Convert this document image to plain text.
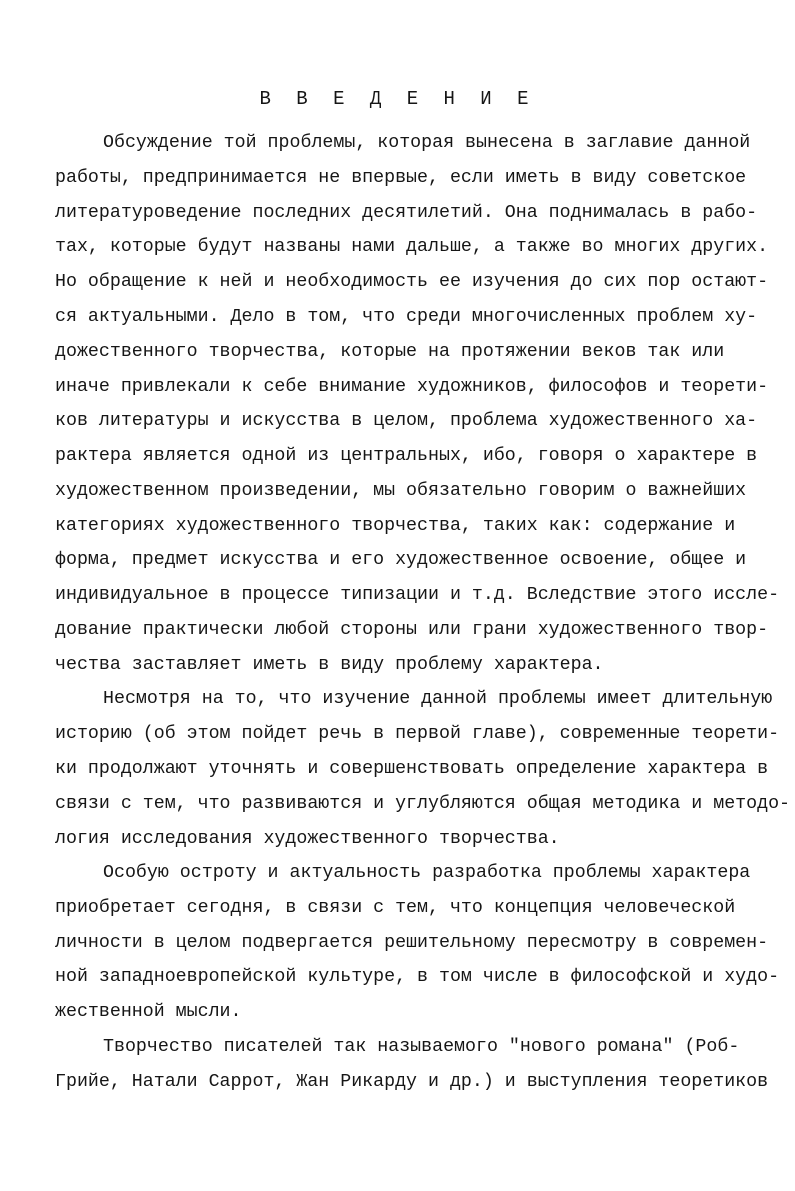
В В Е Д Е Н И Е
Обсуждение той проблемы, которая вынесена в заглавие данной
работы, предпринимается не впервые, если иметь в виду советское
литературоведение последних десятилетий. Она поднималась в рабо-
тах, которые будут названы нами дальше, а также во многих других.
Но обращение к ней и необходимость ее изучения до сих пор остают-
ся актуальными. Дело в том, что среди многочисленных проблем ху-
дожественного творчества, которые на протяжении веков так или
иначе привлекали к себе внимание художников, философов и теорети-
ков литературы и искусства в целом, проблема художественного ха-
рактера является одной из центральных, ибо, говоря о характере в
художественном произведении, мы обязательно говорим о важнейших
категориях художественного творчества, таких как: содержание и
форма, предмет искусства и его художественное освоение, общее и
индивидуальное в процессе типизации и т.д. Вследствие этого иссле-
дование практически любой стороны или грани художественного твор-
чества заставляет иметь в виду проблему характера.
Несмотря на то, что изучение данной проблемы имеет длительную
историю (об этом пойдет речь в первой главе), современные теорети-
ки продолжают уточнять и совершенствовать определение характера в
связи с тем, что развиваются и углубляются общая методика и методо-
логия исследования художественного творчества.
Особую остроту и актуальность разработка проблемы характера
приобретает сегодня, в связи с тем, что концепция человеческой
личности в целом подвергается решительному пересмотру в современ-
ной западноевропейской культуре, в том числе в философской и худо-
жественной мысли.
Творчество писателей так называемого "нового романа" (Роб-
Грийе, Натали Саррот, Жан Рикарду и др.) и выступления теоретиков
